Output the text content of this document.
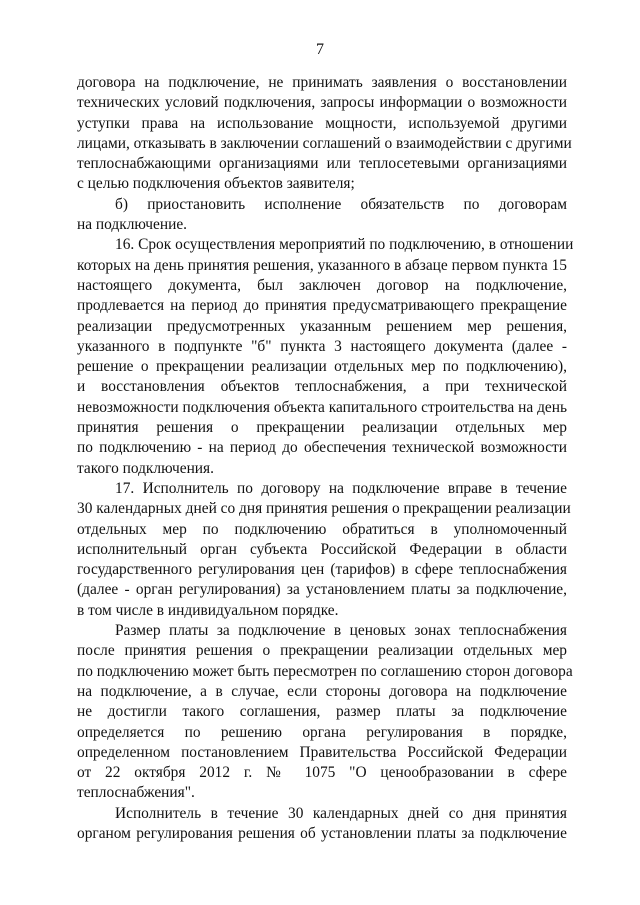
7
договора на подключение, не принимать заявления о восстановлении
технических условий подключения, запросы информации о возможности
уступки права на использование мощности, используемой другими
лицами, отказывать в заключении соглашений о взаимодействии с другими
теплоснабжающими организациями или теплосетевыми организациями
с целью подключения объектов заявителя;
б) приостановить исполнение обязательств по договорам
на подключение.
16. Срок осуществления мероприятий по подключению, в отношении
которых на день принятия решения, указанного в абзаце первом пункта 15
настоящего документа, был заключен договор на подключение,
продлевается на период до принятия предусматривающего прекращение
реализации предусмотренных указанным решением мер решения,
указанного в подпункте "б" пункта 3 настоящего документа (далее -
решение о прекращении реализации отдельных мер по подключению),
и восстановления объектов теплоснабжения, а при технической
невозможности подключения объекта капитального строительства на день
принятия решения о прекращении реализации отдельных мер
по подключению - на период до обеспечения технической возможности
такого подключения.
17. Исполнитель по договору на подключение вправе в течение
30 календарных дней со дня принятия решения о прекращении реализации
отдельных мер по подключению обратиться в уполномоченный
исполнительный орган субъекта Российской Федерации в области
государственного регулирования цен (тарифов) в сфере теплоснабжения
(далее - орган регулирования) за установлением платы за подключение,
в том числе в индивидуальном порядке.
Размер платы за подключение в ценовых зонах теплоснабжения
после принятия решения о прекращении реализации отдельных мер
по подключению может быть пересмотрен по соглашению сторон договора
на подключение, а в случае, если стороны договора на подключение
не достигли такого соглашения, размер платы за подключение
определяется по решению органа регулирования в порядке,
определенном постановлением Правительства Российской Федерации
от 22 октября 2012 г. № 1075 "О ценообразовании в сфере
теплоснабжения".
Исполнитель в течение 30 календарных дней со дня принятия
органом регулирования решения об установлении платы за подключение
